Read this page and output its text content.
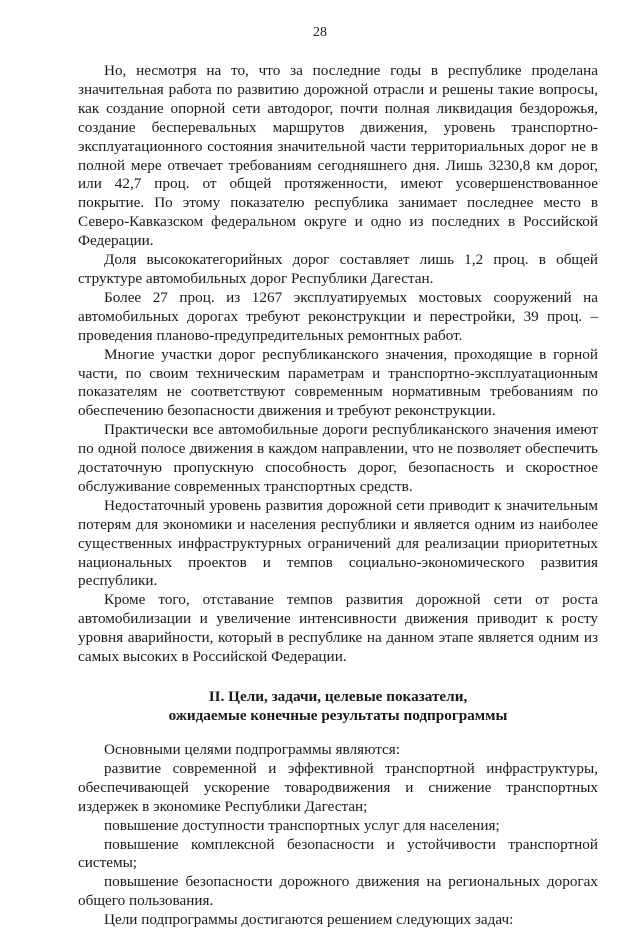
28

Но, несмотря на то, что за последние годы в республике проделана значительная работа по развитию дорожной отрасли и решены такие вопросы, как создание опорной сети автодорог, почти полная ликвидация бездорожья, создание бесперевальных маршрутов движения, уровень транспортно-эксплуатационного состояния значительной части территориальных дорог не в полной мере отвечает требованиям сегодняшнего дня. Лишь 3230,8 км дорог, или 42,7 проц. от общей протяженности, имеют усовершенствованное покрытие. По этому показателю республика занимает последнее место в Северо-Кавказском федеральном округе и одно из последних в Российской Федерации.

Доля высококатегорийных дорог составляет лишь 1,2 проц. в общей структуре автомобильных дорог Республики Дагестан.

Более 27 проц. из 1267 эксплуатируемых мостовых сооружений на автомобильных дорогах требуют реконструкции и перестройки, 39 проц. – проведения планово-предупредительных ремонтных работ.

Многие участки дорог республиканского значения, проходящие в горной части, по своим техническим параметрам и транспортно-эксплуатационным показателям не соответствуют современным нормативным требованиям по обеспечению безопасности движения и требуют реконструкции.

Практически все автомобильные дороги республиканского значения имеют по одной полосе движения в каждом направлении, что не позволяет обеспечить достаточную пропускную способность дорог, безопасность и скоростное обслуживание современных транспортных средств.

Недостаточный уровень развития дорожной сети приводит к значительным потерям для экономики и населения республики и является одним из наиболее существенных инфраструктурных ограничений для реализации приоритетных национальных проектов и темпов социально-экономического развития республики.

Кроме того, отставание темпов развития дорожной сети от роста автомобилизации и увеличение интенсивности движения приводит к росту уровня аварийности, который в республике на данном этапе является одним из самых высоких в Российской Федерации.

II. Цели, задачи, целевые показатели,
ожидаемые конечные результаты подпрограммы

Основными целями подпрограммы являются:

развитие современной и эффективной транспортной инфраструктуры, обеспечивающей ускорение товародвижения и снижение транспортных издержек в экономике Республики Дагестан;

повышение доступности транспортных услуг для населения;

повышение комплексной безопасности и устойчивости транспортной системы;

повышение безопасности дорожного движения на региональных дорогах общего пользования.

Цели подпрограммы достигаются решением следующих задач:
